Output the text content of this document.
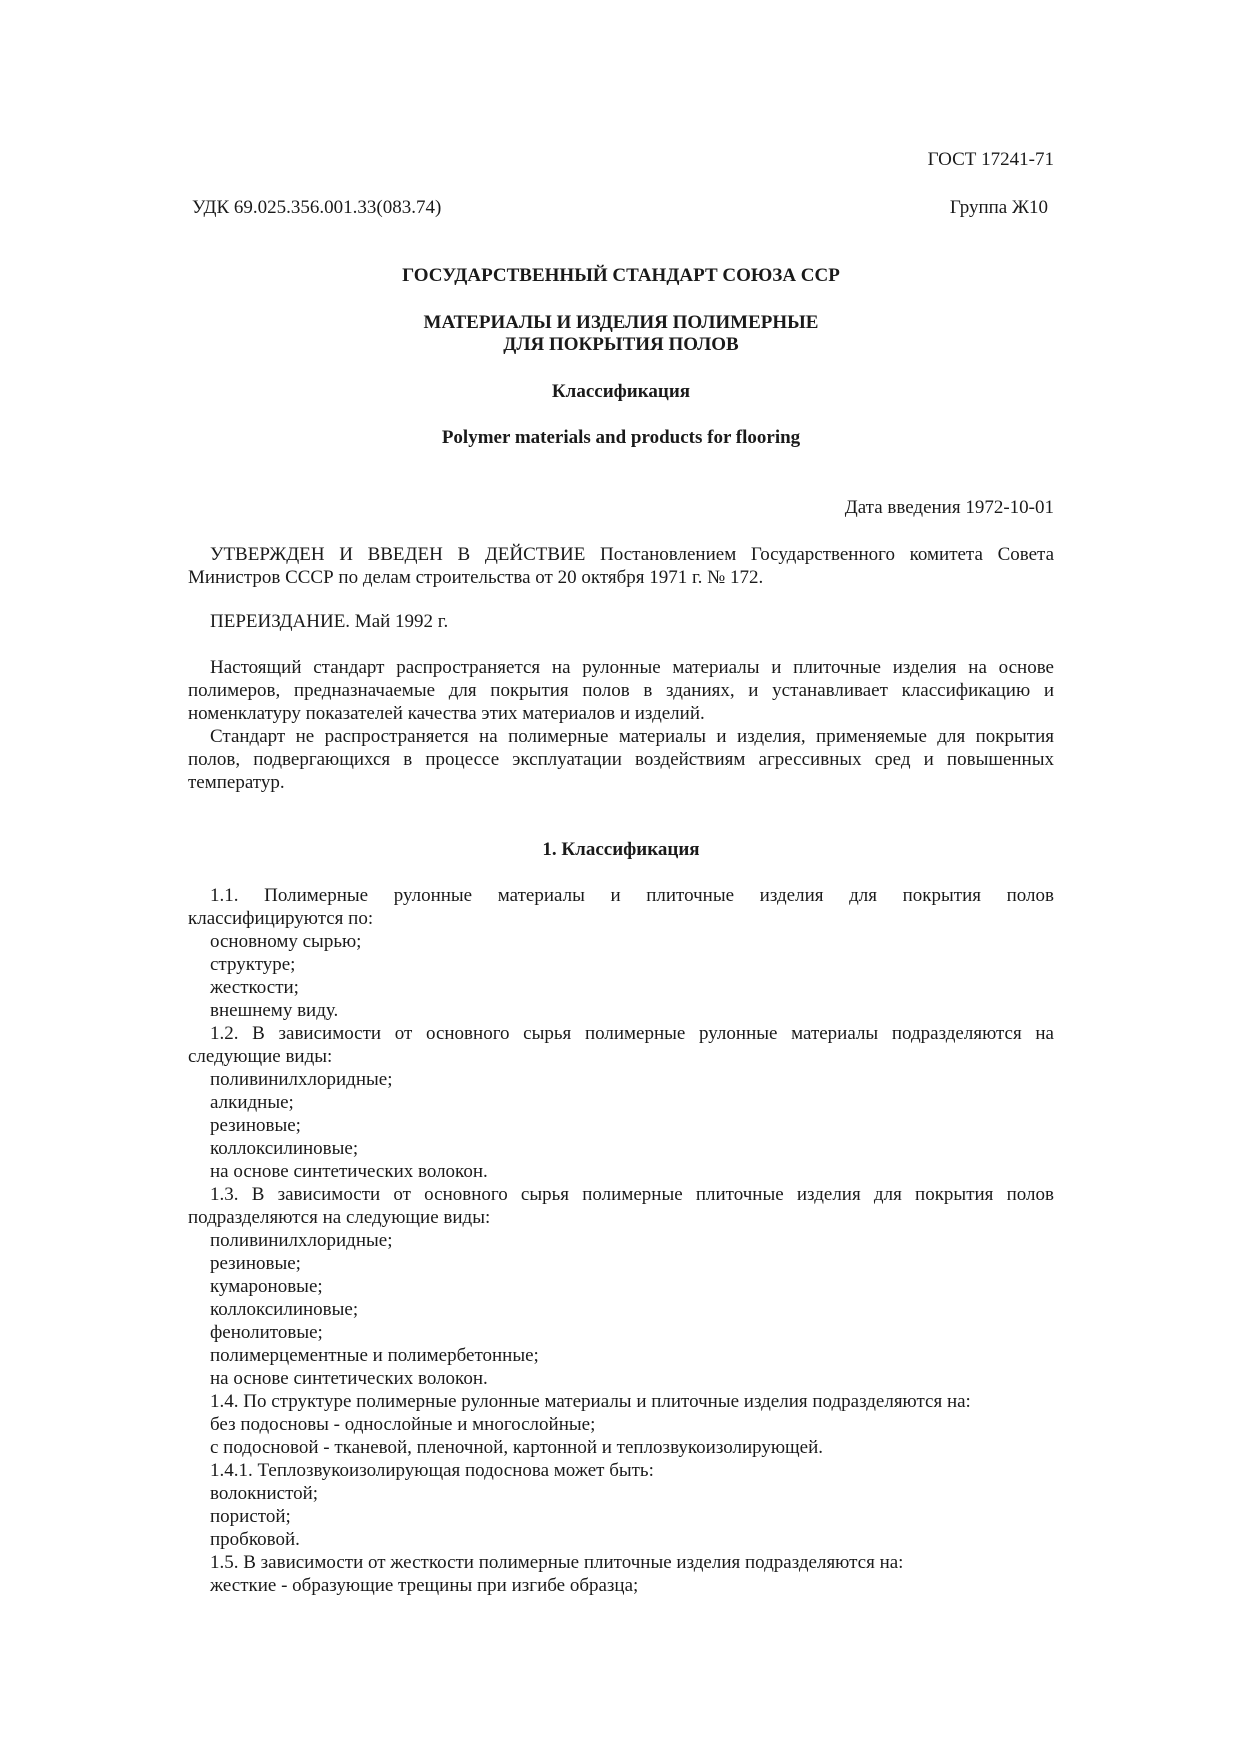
ГОСТ 17241-71
УДК 69.025.356.001.33(083.74)	Группа Ж10
ГОСУДАРСТВЕННЫЙ СТАНДАРТ СОЮЗА ССР
МАТЕРИАЛЫ И ИЗДЕЛИЯ ПОЛИМЕРНЫЕ
ДЛЯ ПОКРЫТИЯ ПОЛОВ
Классификация
Polymer materials and products for flooring
Дата введения 1972-10-01
УТВЕРЖДЕН И ВВЕДЕН В ДЕЙСТВИЕ Постановлением Государственного комитета Совета Министров СССР по делам строительства от 20 октября 1971 г. № 172.
ПЕРЕИЗДАНИЕ. Май 1992 г.
Настоящий стандарт распространяется на рулонные материалы и плиточные изделия на основе полимеров, предназначаемые для покрытия полов в зданиях, и устанавливает классификацию и номенклатуру показателей качества этих материалов и изделий.
Стандарт не распространяется на полимерные материалы и изделия, применяемые для покрытия полов, подвергающихся в процессе эксплуатации воздействиям агрессивных сред и повышенных температур.
1. Классификация
1.1. Полимерные рулонные материалы и плиточные изделия для покрытия полов
классифицируются по:
основному сырью;
структуре;
жесткости;
внешнему виду.
1.2. В зависимости от основного сырья полимерные рулонные материалы подразделяются на
следующие виды:
поливинилхлоридные;
алкидные;
резиновые;
коллоксилиновые;
на основе синтетических волокон.
1.3. В зависимости от основного сырья полимерные плиточные изделия для покрытия полов
подразделяются на следующие виды:
поливинилхлоридные;
резиновые;
кумароновые;
коллоксилиновые;
фенолитовые;
полимерцементные и полимербетонные;
на основе синтетических волокон.
1.4. По структуре полимерные рулонные материалы и плиточные изделия подразделяются на:
без подосновы - однослойные и многослойные;
с подосновой - тканевой, пленочной, картонной и теплозвукоизолирующей.
1.4.1. Теплозвукоизолирующая подоснова может быть:
волокнистой;
пористой;
пробковой.
1.5. В зависимости от жесткости полимерные плиточные изделия подразделяются на:
жесткие - образующие трещины при изгибе образца;
